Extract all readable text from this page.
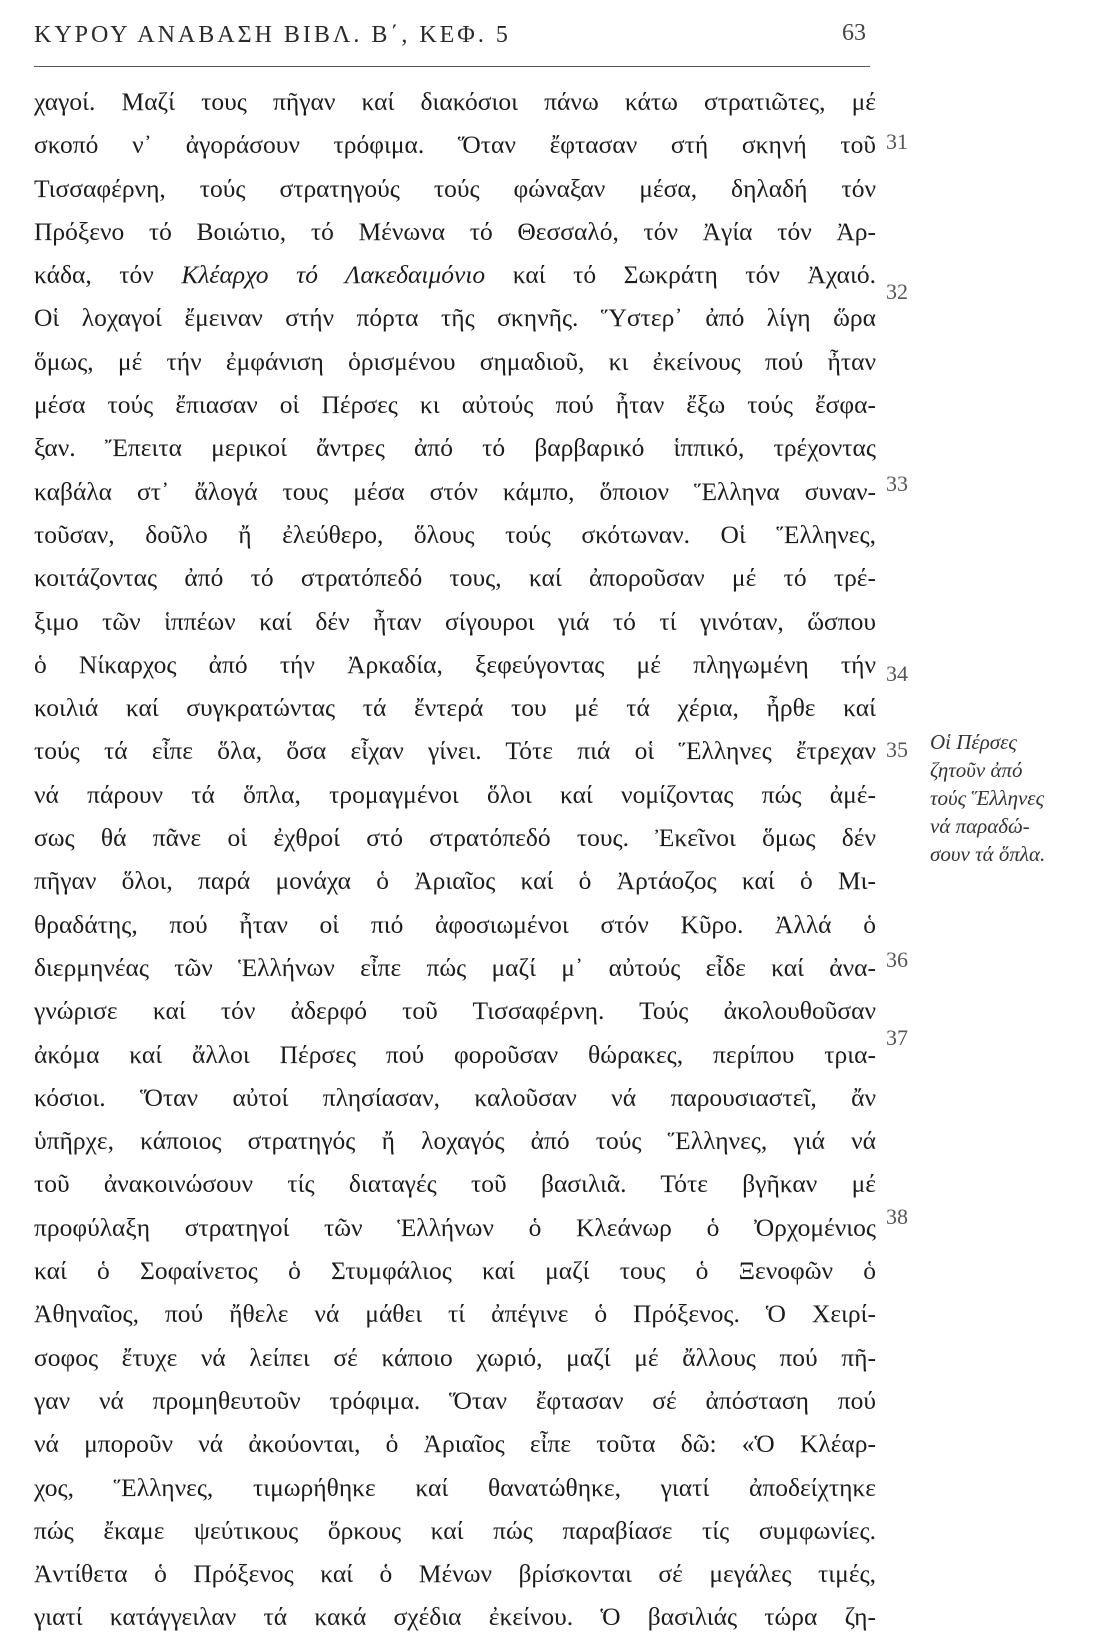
ΚΥΡΟΥ ΑΝΑΒΑΣΗ ΒΙΒΛ. Β΄, ΚΕΦ. 5	63
χαγοί. Μαζί τους πῆγαν καί διακόσιοι πάνω κάτω στρατιῶτες, μέ
σκοπό ν᾿ ἀγοράσουν τρόφιμα. Ὅταν ἔφτασαν στή σκηνή τοῦ
Τισσαφέρνη, τούς στρατηγούς τούς φώναξαν μέσα, δηλαδή τόν
Πρόξενο τό Βοιώτιο, τό Μένωνα τό Θεσσαλό, τόν Ἀγία τόν Ἀρ-
κάδα, τόν Κλέαρχο τό Λακεδαιμόνιο καί τό Σωκράτη τόν Ἀχαιό.
Οἱ λοχαγοί ἔμειναν στήν πόρτα τῆς σκηνῆς. Ὕστερ᾿ ἀπό λίγη ὥρα
ὅμως, μέ τήν ἐμφάνιση ὁρισμένου σημαδιοῦ, κι ἐκείνους πού ἦταν
μέσα τούς ἔπιασαν οἱ Πέρσες κι αὐτούς πού ἦταν ἔξω τούς ἔσφα-
ξαν. Ἔπειτα μερικοί ἄντρες ἀπό τό βαρβαρικό ἱππικό, τρέχοντας
καβάλα στ᾿ ἄλογά τους μέσα στόν κάμπο, ὅποιον Ἕλληνα συναν-
τοῦσαν, δοῦλο ἤ ἐλεύθερο, ὅλους τούς σκότωναν. Οἱ Ἕλληνες,
κοιτάζοντας ἀπό τό στρατόπεδό τους, καί ἀποροῦσαν μέ τό τρέ-
ξιμο τῶν ἱππέων καί δέν ἦταν σίγουροι γιά τό τί γινόταν, ὥσπου
ὁ Νίκαρχος ἀπό τήν Ἀρκαδία, ξεφεύγοντας μέ πληγωμένη τήν
κοιλιά καί συγκρατώντας τά ἔντερά του μέ τά χέρια, ἦρθε καί
τούς τά εἶπε ὅλα, ὅσα εἶχαν γίνει. Τότε πιά οἱ Ἕλληνες ἔτρεχαν
νά πάρουν τά ὅπλα, τρομαγμένοι ὅλοι καί νομίζοντας πώς ἀμέ-
σως θά πᾶνε οἱ ἐχθροί στό στρατόπεδό τους. Ἐκεῖνοι ὅμως δέν
πῆγαν ὅλοι, παρά μονάχα ὁ Ἀριαῖος καί ὁ Ἀρτάοζος καί ὁ Μι-
θραδάτης, πού ἦταν οἱ πιό ἀφοσιωμένοι στόν Κῦρο. Ἀλλά ὁ
διερμηνέας τῶν Ἑλλήνων εἶπε πώς μαζί μ᾿ αὐτούς εἶδε καί ἀνα-
γνώρισε καί τόν ἀδερφό τοῦ Τισσαφέρνη. Τούς ἀκολουθοῦσαν
ἀκόμα καί ἄλλοι Πέρσες πού φοροῦσαν θώρακες, περίπου τρια-
κόσιοι. Ὅταν αὐτοί πλησίασαν, καλοῦσαν νά παρουσιαστεῖ, ἄν
ὑπῆρχε, κάποιος στρατηγός ἤ λοχαγός ἀπό τούς Ἕλληνες, γιά νά
τοῦ ἀνακοινώσουν τίς διαταγές τοῦ βασιλιᾶ. Τότε βγῆκαν μέ
προφύλαξη στρατηγοί τῶν Ἑλλήνων ὁ Κλεάνωρ ὁ Ὀρχομένιος
καί ὁ Σοφαίνετος ὁ Στυμφάλιος καί μαζί τους ὁ Ξενοφῶν ὁ
Ἀθηναῖος, πού ἤθελε νά μάθει τί ἀπέγινε ὁ Πρόξενος. Ὁ Χειρί-
σοφος ἔτυχε νά λείπει σέ κάποιο χωριό, μαζί μέ ἄλλους πού πῆ-
γαν νά προμηθευτοῦν τρόφιμα. Ὅταν ἔφτασαν σέ ἀπόσταση πού
νά μποροῦν νά ἀκούονται, ὁ Ἀριαῖος εἶπε τοῦτα δῶ: «Ὁ Κλέαρ-
χος, Ἕλληνες, τιμωρήθηκε καί θανατώθηκε, γιατί ἀποδείχτηκε
πώς ἔκαμε ψεύτικους ὅρκους καί πώς παραβίασε τίς συμφωνίες.
Ἀντίθετα ὁ Πρόξενος καί ὁ Μένων βρίσκονται σέ μεγάλες τιμές,
γιατί κατάγγειλαν τά κακά σχέδια ἐκείνου. Ὁ βασιλιάς τώρα ζη-
31
32
33
34
35
36
37
38
Οἱ Πέρσες
ζητοῦν ἀπό
τούς Ἕλληνες
νά παραδώ-
σουν τά ὅπλα.
